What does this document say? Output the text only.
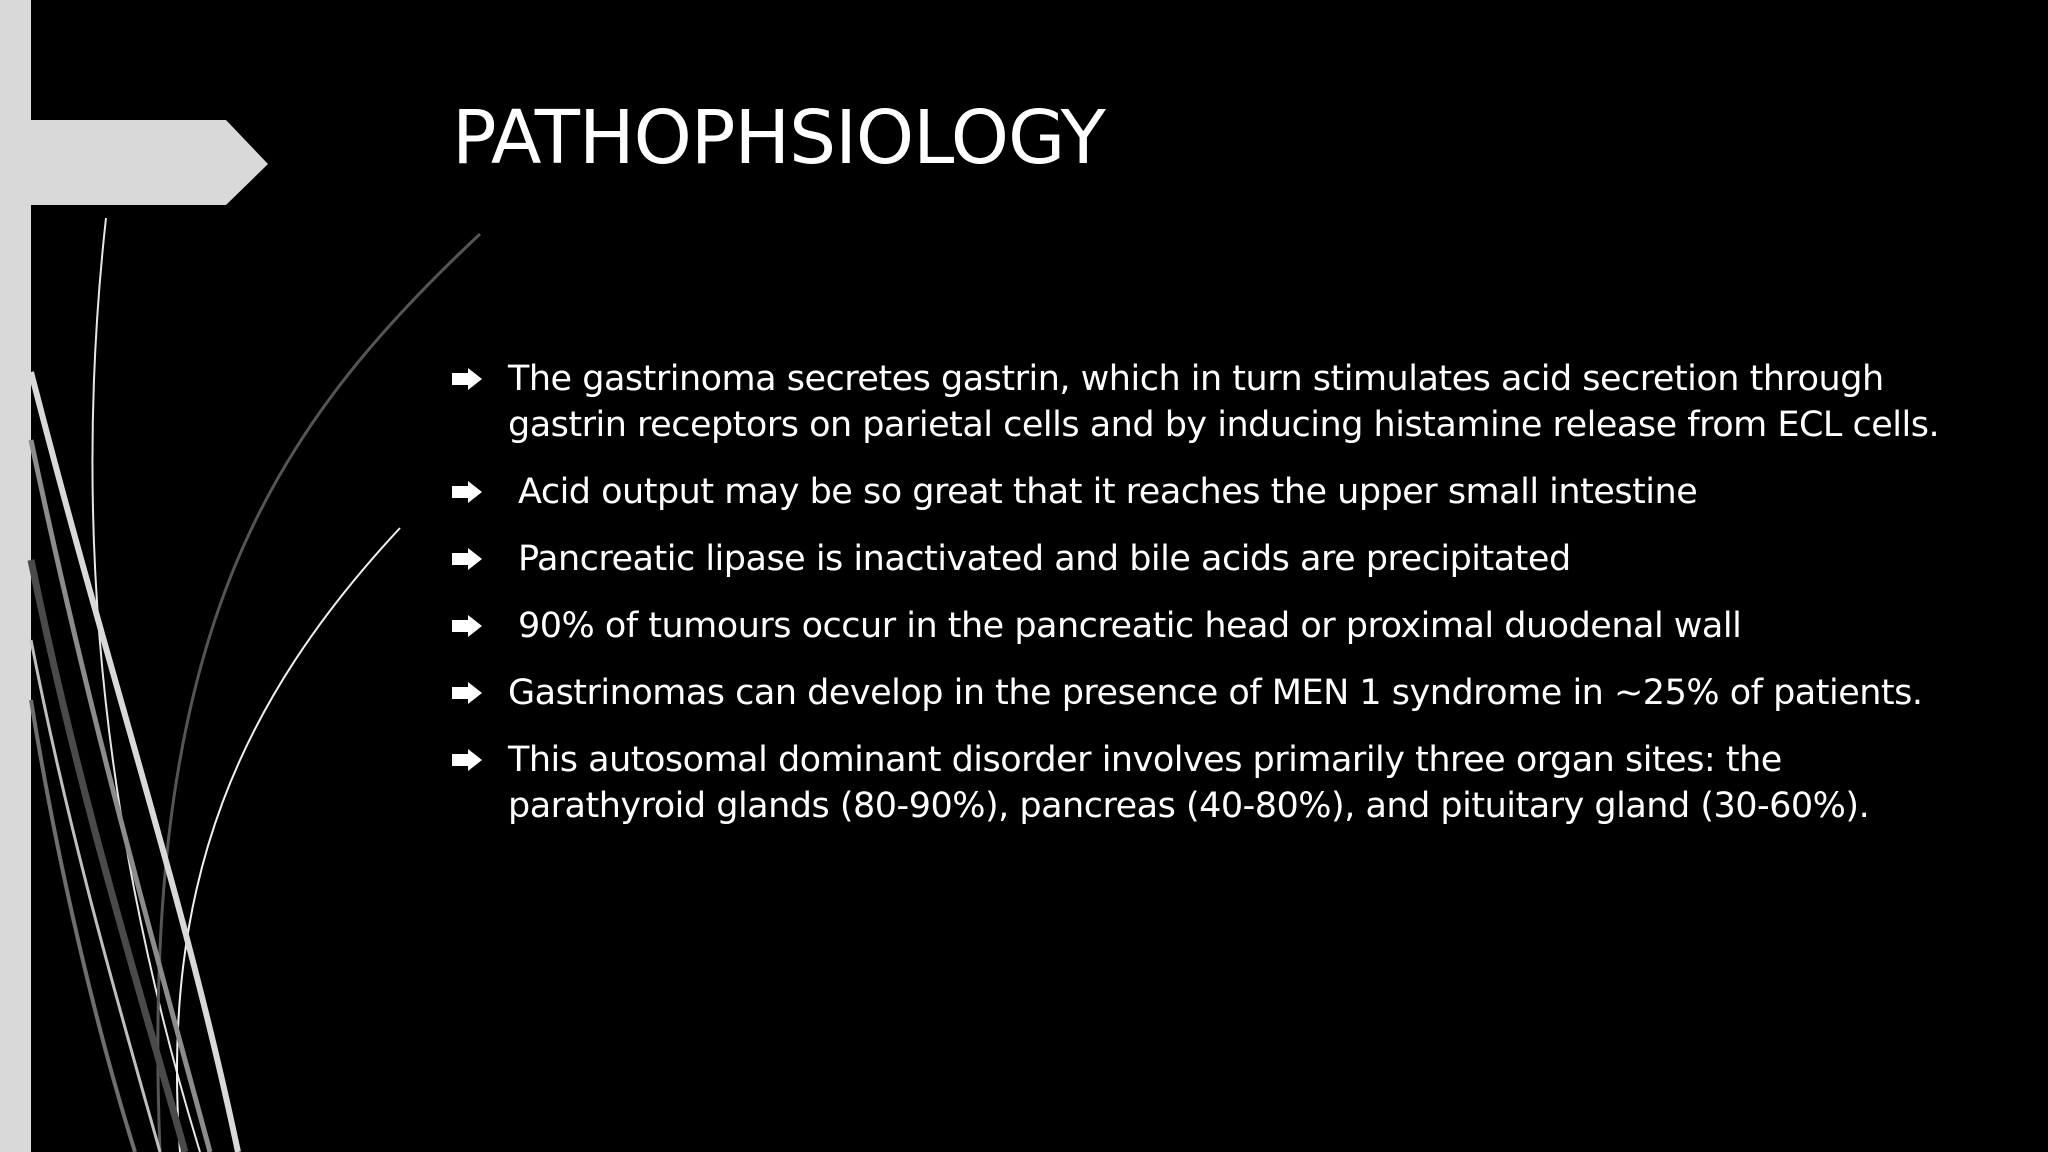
PATHOPHSIOLOGY
The gastrinoma secretes gastrin, which in turn stimulates acid secretion through gastrin receptors on parietal cells and by inducing histamine release from ECL cells.
Acid output may be so great that it reaches the upper small intestine
Pancreatic lipase is inactivated and bile acids are precipitated
90% of tumours occur in the pancreatic head or proximal duodenal wall
Gastrinomas can develop in the presence of MEN 1 syndrome in ~25% of patients.
This autosomal dominant disorder involves primarily three organ sites: the parathyroid glands (80-90%), pancreas (40-80%), and pituitary gland (30-60%).
